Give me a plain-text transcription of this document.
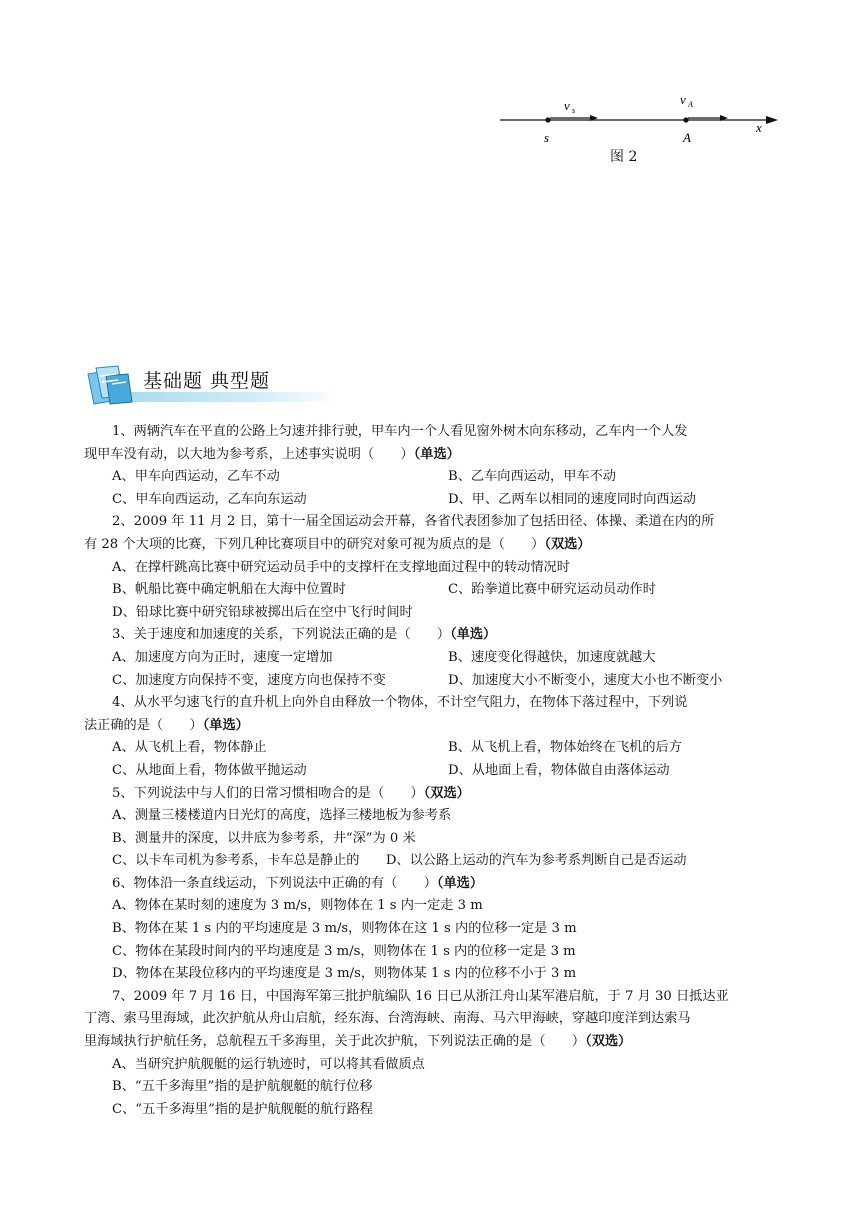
v s
v A
s	A
x
图 2
基础题 典型题
1、两辆汽车在平直的公路上匀速并排行驶，甲车内一个人看见窗外树木向东移动，乙车内一个人发
现甲车没有动，以大地为参考系，上述事实说明（　　）（单选）
A、甲车向西运动，乙车不动	B、乙车向西运动，甲车不动
C、甲车向西运动，乙车向东运动	D、甲、乙两车以相同的速度同时向西运动
2、2009 年 11 月 2 日，第十一届全国运动会开幕，各省代表团参加了包括田径、体操、柔道在内的所
有 28 个大项的比赛，下列几种比赛项目中的研究对象可视为质点的是（　　）（双选）
A、在撑杆跳高比赛中研究运动员手中的支撑杆在支撑地面过程中的转动情况时
B、帆船比赛中确定帆船在大海中位置时	C、跆拳道比赛中研究运动员动作时
D、铅球比赛中研究铅球被掷出后在空中飞行时间时
3、关于速度和加速度的关系，下列说法正确的是（　　）（单选）
A、加速度方向为正时，速度一定增加	B、速度变化得越快，加速度就越大
C、加速度方向保持不变，速度方向也保持不变	D、加速度大小不断变小，速度大小也不断变小
4、从水平匀速飞行的直升机上向外自由释放一个物体，不计空气阻力，在物体下落过程中，下列说
法正确的是（　　）（单选）
A、从飞机上看，物体静止	B、从飞机上看，物体始终在飞机的后方
C、从地面上看，物体做平抛运动	D、从地面上看，物体做自由落体运动
5、下列说法中与人们的日常习惯相吻合的是（　　）（双选）
A、测量三楼楼道内日光灯的高度，选择三楼地板为参考系
B、测量井的深度，以井底为参考系，井“深”为 0 米
C、以卡车司机为参考系，卡车总是静止的　　D、以公路上运动的汽车为参考系判断自己是否运动
6、物体沿一条直线运动，下列说法中正确的有（　　）（单选）
A、物体在某时刻的速度为 3 m/s，则物体在 1 s 内一定走 3 m
B、物体在某 1 s 内的平均速度是 3 m/s，则物体在这 1 s 内的位移一定是 3 m
C、物体在某段时间内的平均速度是 3 m/s，则物体在 1 s 内的位移一定是 3 m
D、物体在某段位移内的平均速度是 3 m/s，则物体某 1 s 内的位移不小于 3 m
7、2009 年 7 月 16 日，中国海军第三批护航编队 16 日已从浙江舟山某军港启航，于 7 月 30 日抵达亚
丁湾、索马里海域，此次护航从舟山启航，经东海、台湾海峡、南海、马六甲海峡，穿越印度洋到达索马
里海域执行护航任务，总航程五千多海里，关于此次护航，下列说法正确的是（　　）（双选）
A、当研究护航舰艇的运行轨迹时，可以将其看做质点
B、“五千多海里”指的是护航舰艇的航行位移
C、“五千多海里”指的是护航舰艇的航行路程
